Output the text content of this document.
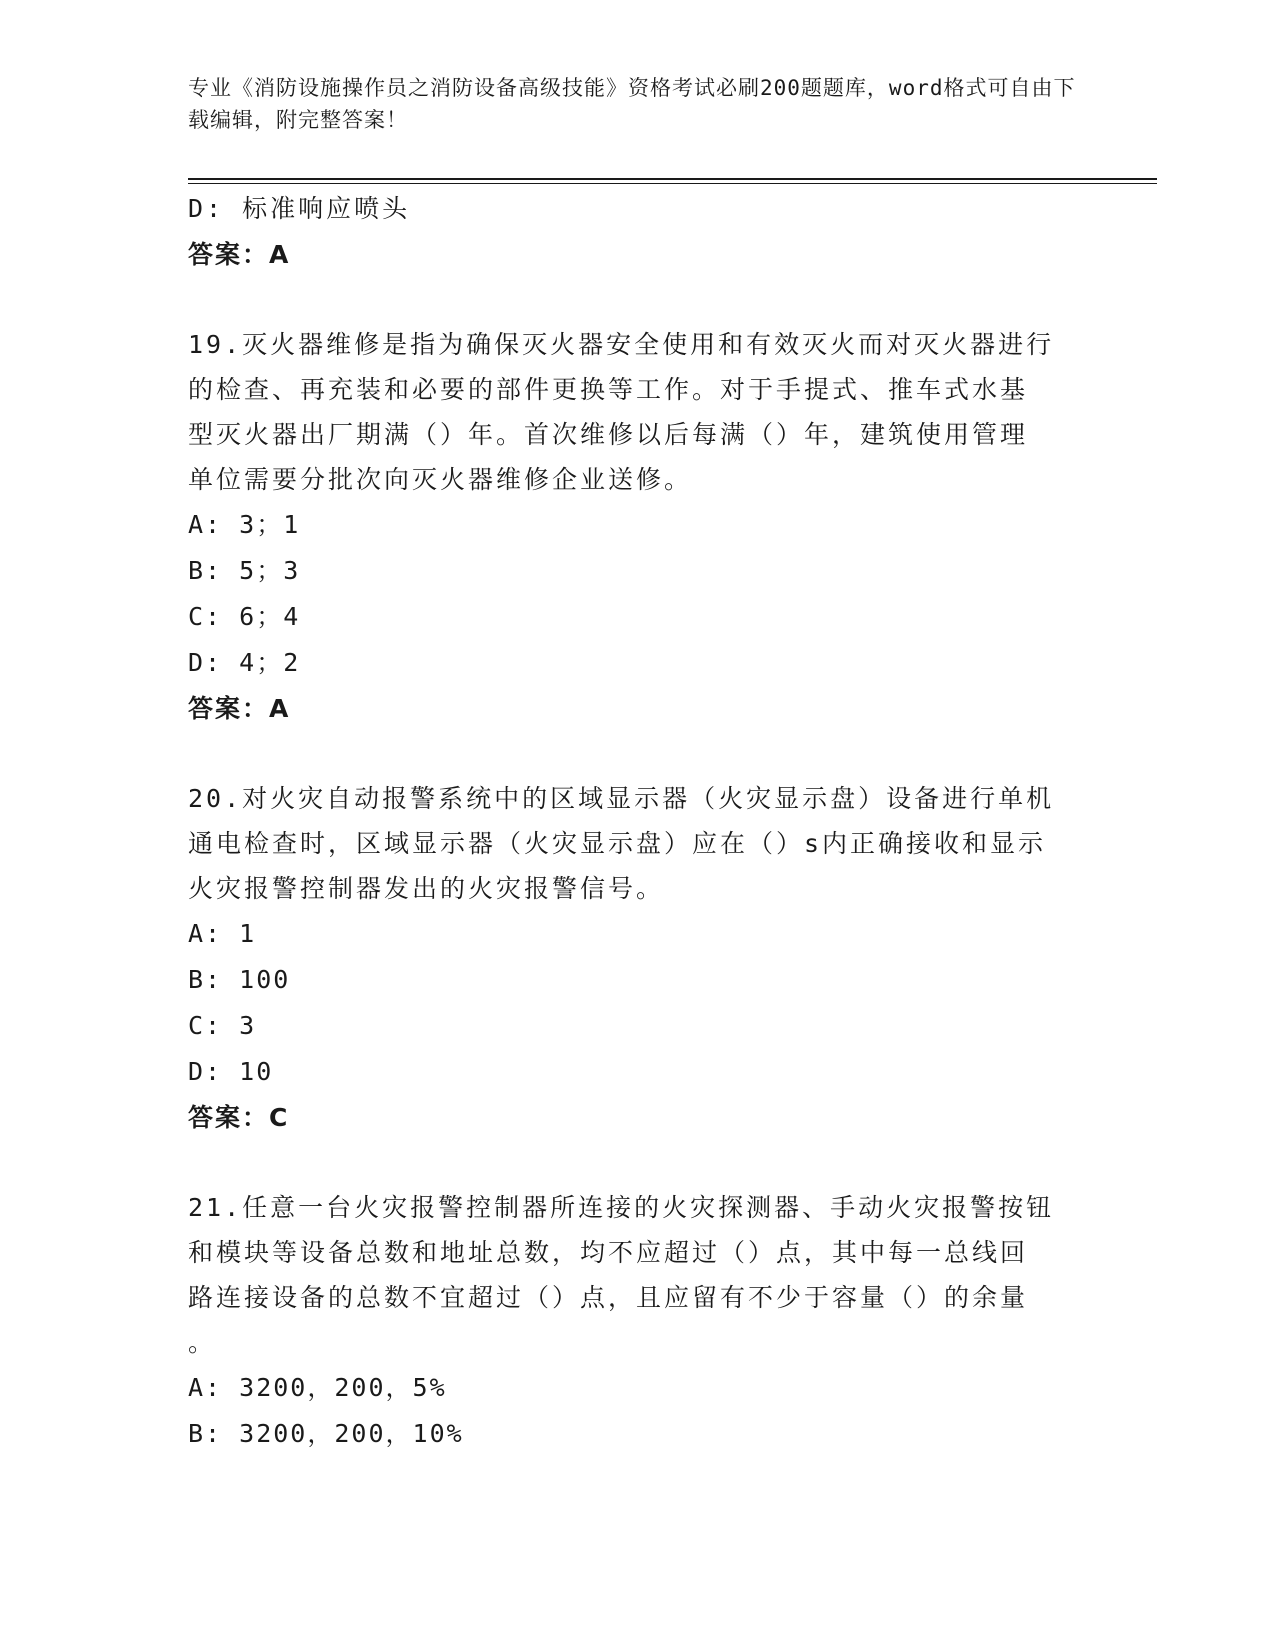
专业《消防设施操作员之消防设备高级技能》资格考试必刷200题题库，word格式可自由下载编辑，附完整答案！
D: 标准响应喷头
答案：A
19.灭火器维修是指为确保灭火器安全使用和有效灭火而对灭火器进行
的检查、再充装和必要的部件更换等工作。对于手提式、推车式水基
型灭火器出厂期满（）年。首次维修以后每满（）年，建筑使用管理
单位需要分批次向灭火器维修企业送修。
A: 3；1
B: 5；3
C: 6；4
D: 4；2
答案：A
20.对火灾自动报警系统中的区域显示器（火灾显示盘）设备进行单机
通电检查时，区域显示器（火灾显示盘）应在（）s内正确接收和显示
火灾报警控制器发出的火灾报警信号。
A: 1
B: 100
C: 3
D: 10
答案：C
21.任意一台火灾报警控制器所连接的火灾探测器、手动火灾报警按钮
和模块等设备总数和地址总数，均不应超过（）点，其中每一总线回
路连接设备的总数不宜超过（）点，且应留有不少于容量（）的余量
。
A: 3200，200，5%
B: 3200，200，10%
